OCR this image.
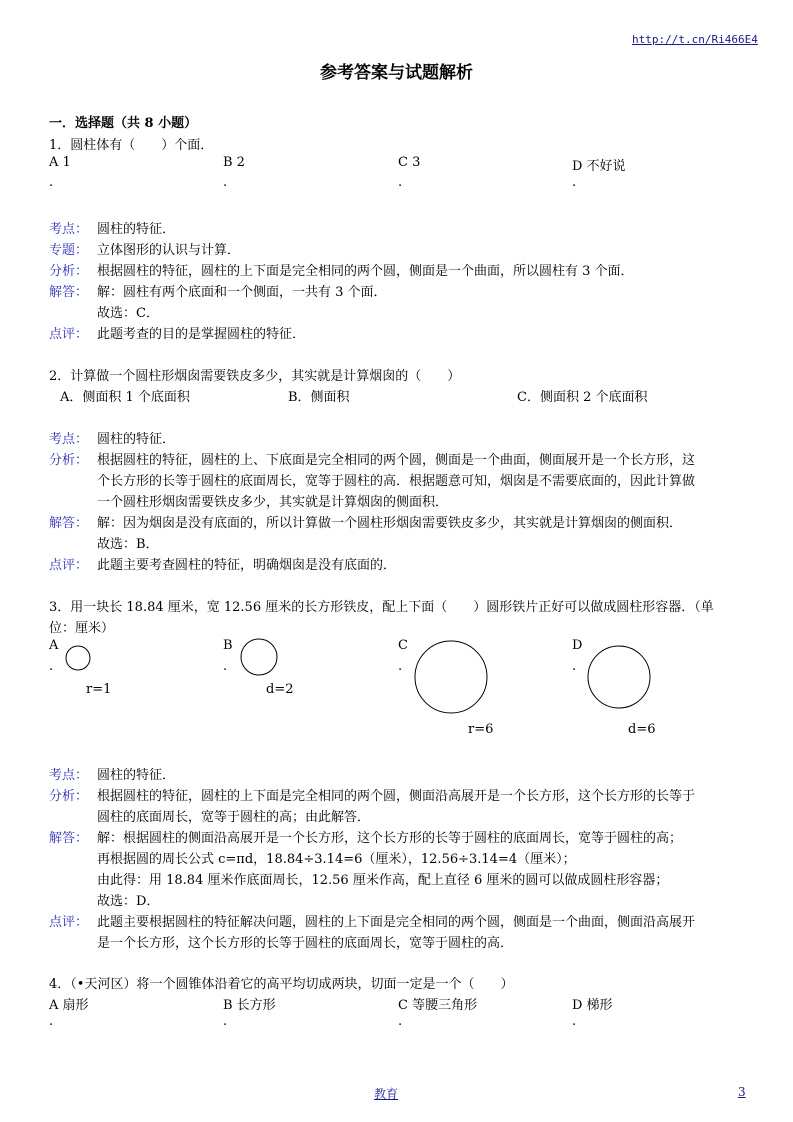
http://t.cn/Ri466E4
参考答案与试题解析
一．选择题（共 8 小题）
1．圆柱体有（　　）个面．
A 1	B 2	C 3	D 不好说
.	.	.	.
考点： 圆柱的特征．
专题： 立体图形的认识与计算．
分析： 根据圆柱的特征，圆柱的上下面是完全相同的两个圆，侧面是一个曲面，所以圆柱有 3 个面．
解答： 解：圆柱有两个底面和一个侧面，一共有 3 个面．
故选：C．
点评： 此题考查的目的是掌握圆柱的特征．
2．计算做一个圆柱形烟囱需要铁皮多少，其实就是计算烟囱的（　　）
A．侧面积 1 个底面积	B．侧面积	C．侧面积 2 个底面积
考点： 圆柱的特征．
分析： 根据圆柱的特征，圆柱的上、下底面是完全相同的两个圆，侧面是一个曲面，侧面展开是一个长方形，这
个长方形的长等于圆柱的底面周长，宽等于圆柱的高．根据题意可知，烟囱是不需要底面的，因此计算做
一个圆柱形烟囱需要铁皮多少，其实就是计算烟囱的侧面积．
解答： 解：因为烟囱是没有底面的，所以计算做一个圆柱形烟囱需要铁皮多少，其实就是计算烟囱的侧面积．
故选：B．
点评： 此题主要考查圆柱的特征，明确烟囱是没有底面的．
3．用一块长 18.84 厘米，宽 12.56 厘米的长方形铁皮，配上下面（　　）圆形铁片正好可以做成圆柱形容器．（单
位：厘米）
A	B	C	D
.	.	.	.
r=1	d=2
r=6	d=6
考点： 圆柱的特征．
分析： 根据圆柱的特征，圆柱的上下面是完全相同的两个圆，侧面沿高展开是一个长方形，这个长方形的长等于
圆柱的底面周长，宽等于圆柱的高；由此解答．
解答： 解：根据圆柱的侧面沿高展开是一个长方形，这个长方形的长等于圆柱的底面周长，宽等于圆柱的高；
再根据圆的周长公式 c=πd，18.84÷3.14=6（厘米），12.56÷3.14=4（厘米）；
由此得：用 18.84 厘米作底面周长，12.56 厘米作高，配上直径 6 厘米的圆可以做成圆柱形容器；
故选：D．
点评： 此题主要根据圆柱的特征解决问题，圆柱的上下面是完全相同的两个圆，侧面是一个曲面，侧面沿高展开
是一个长方形，这个长方形的长等于圆柱的底面周长，宽等于圆柱的高．
4．（•天河区）将一个圆锥体沿着它的高平均切成两块，切面一定是一个（　　）
A 扇形	B 长方形	C 等腰三角形	D 梯形
.	.	.	.
教育	3
